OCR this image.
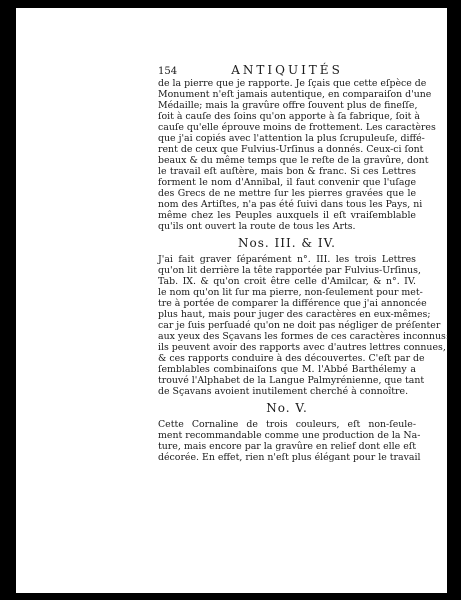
154	ANTIQUITÉS
de la pierre que je rapporte. Je ſçais que cette eſpèce de
Monument n'eſt jamais autentique, en comparaiſon d'une
Médaille; mais la gravûre offre ſouvent plus de fineſſe,
ſoit à cauſe des ſoins qu'on apporte à ſa fabrique, ſoit à
cauſe qu'elle éprouve moins de frottement. Les caractères
que j'ai copiés avec l'attention la plus ſcrupuleuſe, diffé-
rent de ceux que Fulvius-Urſinus a donnés. Ceux-ci ſont
beaux & du même temps que le reſte de la gravûre, dont
le travail eſt auſtère, mais bon & franc. Si ces Lettres
forment le nom d'Annibal, il faut convenir que l'uſage
des Grecs de ne mettre ſur les pierres gravées que le
nom des Artiſtes, n'a pas été ſuivi dans tous les Pays, ni
même chez les Peuples auxquels il eſt vraiſemblable
qu'ils ont ouvert la route de tous les Arts.
Nos. III. & IV.
J'ai fait graver ſéparément n°. III. les trois Lettres
qu'on lit derrière la tête rapportée par Fulvius-Urſinus,
Tab. IX. & qu'on croit être celle d'Amilcar, & n°. IV.
le nom qu'on lit ſur ma pierre, non-ſeulement pour met-
tre à portée de comparer la différence que j'ai annoncée
plus haut, mais pour juger des caractères en eux-mêmes;
car je ſuis perſuadé qu'on ne doit pas négliger de préſenter
aux yeux des Sçavans les formes de ces caractères inconnus:
ils peuvent avoir des rapports avec d'autres lettres connues,
& ces rapports conduire à des découvertes. C'eſt par de
ſemblables combinaiſons que M. l'Abbé Barthélemy a
trouvé l'Alphabet de la Langue Palmyrénienne, que tant
de Sçavans avoient inutilement cherché à connoître.
No. V.
Cette Cornaline de trois couleurs, eſt non-ſeule-
ment recommandable comme une production de la Na-
ture, mais encore par la gravûre en relief dont elle eſt
décorée. En effet, rien n'eſt plus élégant pour le travail
